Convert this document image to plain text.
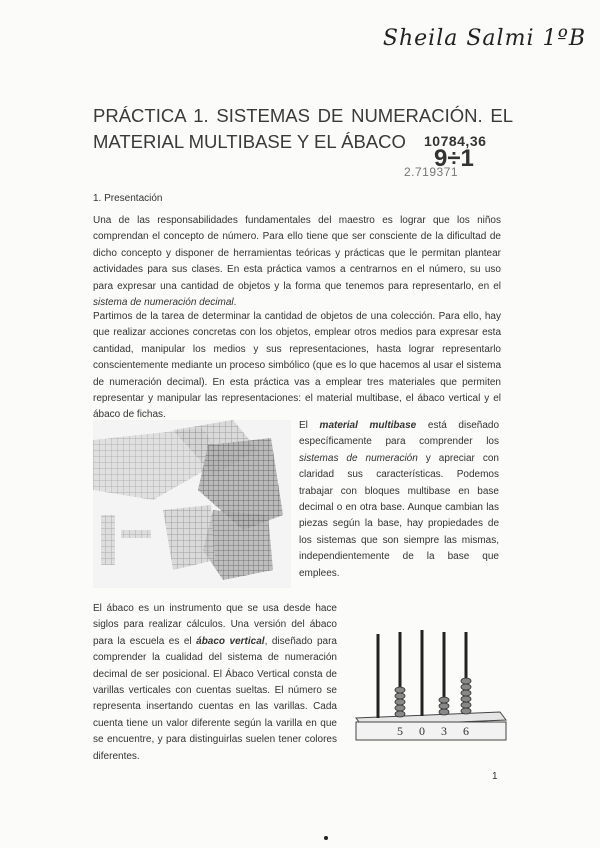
Sheila Salmi 1ºB
PRÁCTICA 1. SISTEMAS DE NUMERACIÓN. EL MATERIAL MULTIBASE Y EL ÁBACO	10784,36
9÷1
2.719371
1. Presentación

Una de las responsabilidades fundamentales del maestro es lograr que los niños comprendan el concepto de número. Para ello tiene que ser consciente de la dificultad de dicho concepto y disponer de herramientas teóricas y prácticas que le permitan plantear actividades para sus clases. En esta práctica vamos a centrarnos en el número, su uso para expresar una cantidad de objetos y la forma que tenemos para representarlo, en el sistema de numeración decimal.

Partimos de la tarea de determinar la cantidad de objetos de una colección. Para ello, hay que realizar acciones concretas con los objetos, emplear otros medios para expresar esta cantidad, manipular los medios y sus representaciones, hasta lograr representarlo conscientemente mediante un proceso simbólico (que es lo que hacemos al usar el sistema de numeración decimal). En esta práctica vas a emplear tres materiales que permiten representar y manipular las representaciones: el material multibase, el ábaco vertical y el ábaco de fichas.

El material multibase está diseñado específicamente para comprender los sistemas de numeración y apreciar con claridad sus características. Podemos trabajar con bloques multibase en base decimal o en otra base. Aunque cambian las piezas según la base, hay propiedades de los sistemas que son siempre las mismas, independientemente de la base que emplees.

El ábaco es un instrumento que se usa desde hace siglos para realizar cálculos. Una versión del ábaco para la escuela es el ábaco vertical, diseñado para comprender la cualidad del sistema de numeración decimal de ser posicional. El Ábaco Vertical consta de varillas verticales con cuentas sueltas. El número se representa insertando cuentas en las varillas. Cada cuenta tiene un valor diferente según la varilla en que se encuentre, y para distinguirlas suelen tener colores diferentes.

5 0 3 6
1
